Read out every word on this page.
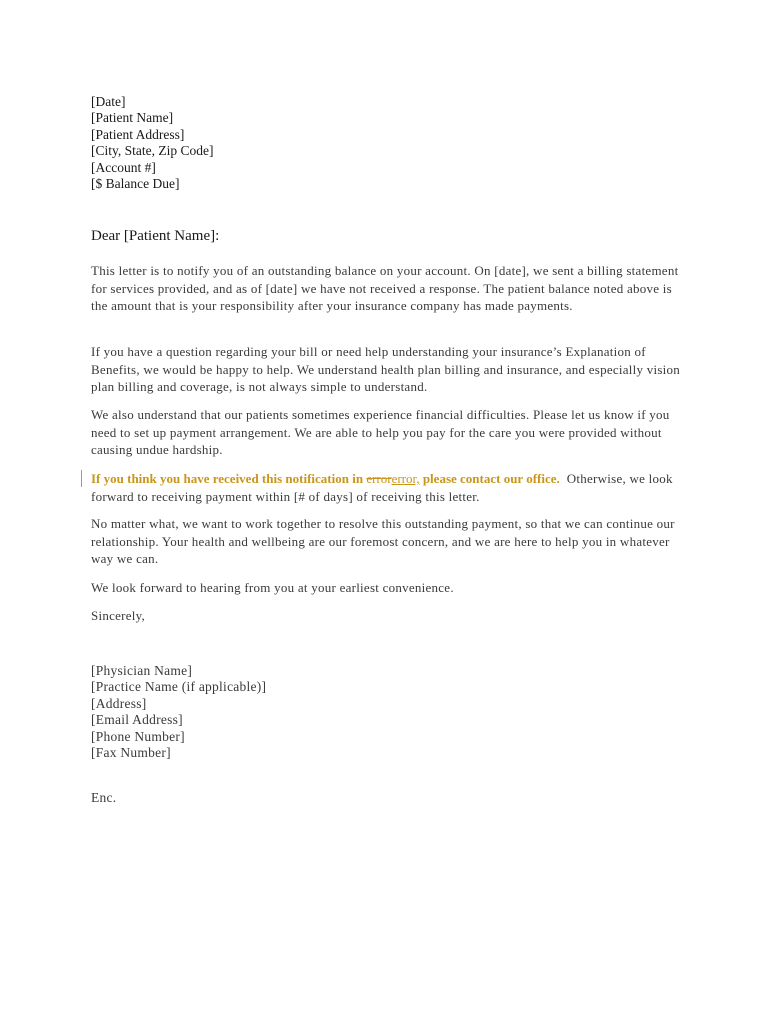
[Date]
[Patient Name]
[Patient Address]
[City, State, Zip Code]
[Account #]
[$ Balance Due]
Dear [Patient Name]:

This letter is to notify you of an outstanding balance on your account. On [date], we sent a billing statement for services provided, and as of [date] we have not received a response. The patient balance noted above is the amount that is your responsibility after your insurance company has made payments.

If you have a question regarding your bill or need help understanding your insurance’s Explanation of Benefits, we would be happy to help. We understand health plan billing and insurance, and especially vision plan billing and coverage, is not always simple to understand.

We also understand that our patients sometimes experience financial difficulties. Please let us know if you need to set up payment arrangement. We are able to help you pay for the care you were provided without causing undue hardship.

If you think you have received this notification in errorerror, please contact our office.  Otherwise, we look forward to receiving payment within [# of days] of receiving this letter.

No matter what, we want to work together to resolve this outstanding payment, so that we can continue our relationship. Your health and wellbeing are our foremost concern, and we are here to help you in whatever way we can.

We look forward to hearing from you at your earliest convenience.

Sincerely,

[Physician Name]
[Practice Name (if applicable)]
[Address]
[Email Address]
[Phone Number]
[Fax Number]
Enc.
